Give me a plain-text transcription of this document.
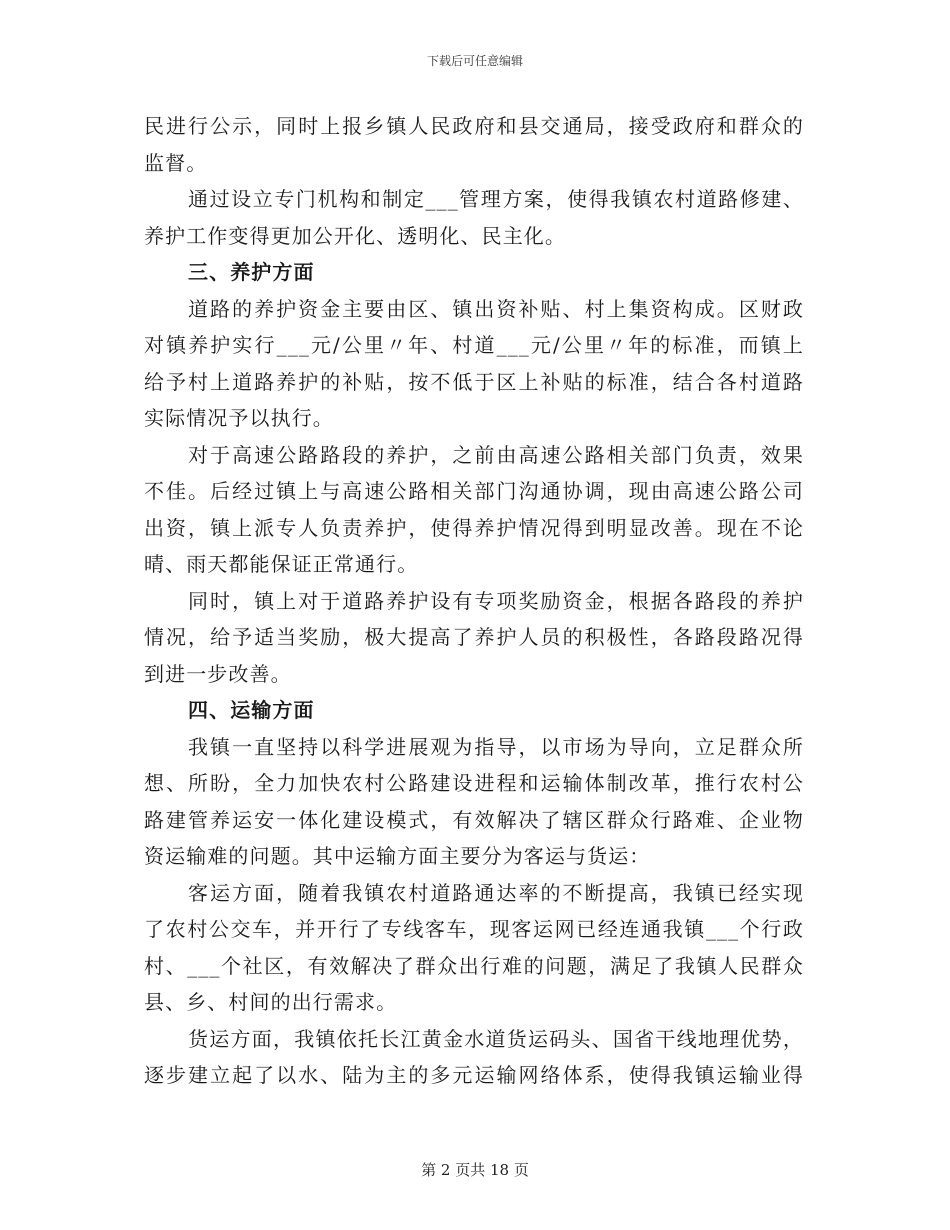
下载后可任意编辑
民进行公示，同时上报乡镇人民政府和县交通局，接受政府和群众的
监督。
通过设立专门机构和制定___管理方案，使得我镇农村道路修建、
养护工作变得更加公开化、透明化、民主化。
三、养护方面
道路的养护资金主要由区、镇出资补贴、村上集资构成。区财政
对镇养护实行___元/公里〃年、村道___元/公里〃年的标准，而镇上
给予村上道路养护的补贴，按不低于区上补贴的标准，结合各村道路
实际情况予以执行。
对于高速公路路段的养护，之前由高速公路相关部门负责，效果
不佳。后经过镇上与高速公路相关部门沟通协调，现由高速公路公司
出资，镇上派专人负责养护，使得养护情况得到明显改善。现在不论
晴、雨天都能保证正常通行。
同时，镇上对于道路养护设有专项奖励资金，根据各路段的养护
情况，给予适当奖励，极大提高了养护人员的积极性，各路段路况得
到进一步改善。
四、运输方面
我镇一直坚持以科学进展观为指导，以市场为导向，立足群众所
想、所盼，全力加快农村公路建设进程和运输体制改革，推行农村公
路建管养运安一体化建设模式，有效解决了辖区群众行路难、企业物
资运输难的问题。其中运输方面主要分为客运与货运：
客运方面，随着我镇农村道路通达率的不断提高，我镇已经实现
了农村公交车，并开行了专线客车，现客运网已经连通我镇___个行政
村、___个社区，有效解决了群众出行难的问题，满足了我镇人民群众
县、乡、村间的出行需求。
货运方面，我镇依托长江黄金水道货运码头、国省干线地理优势，
逐步建立起了以水、陆为主的多元运输网络体系，使得我镇运输业得
第 2 页共 18 页
